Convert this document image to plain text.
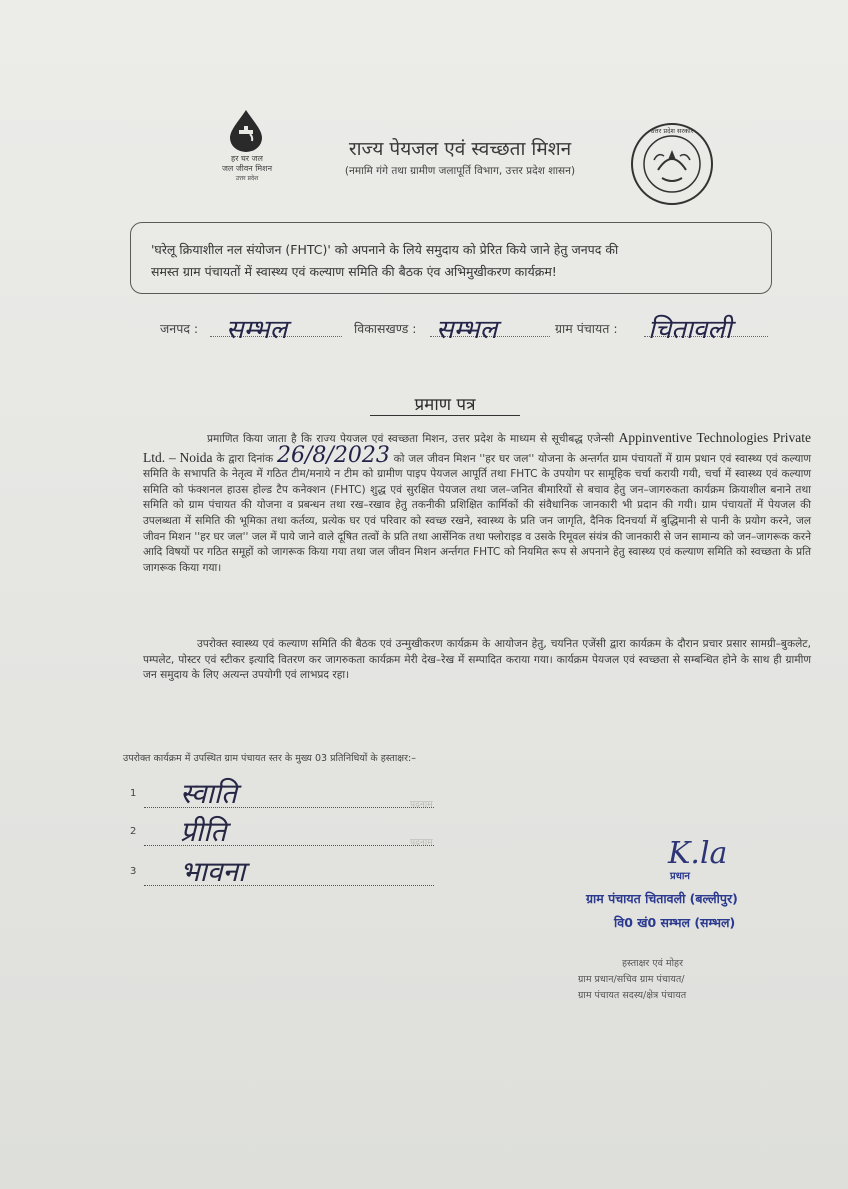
हर घर जल
जल जीवन मिशन
उत्तर प्रदेश
राज्य पेयजल एवं स्वच्छता मिशन
(नमामि गंगे तथा ग्रामीण जलापूर्ति विभाग, उत्तर प्रदेश शासन)
उत्तर प्रदेश सरकार
'घरेलू क्रियाशील नल संयोजन (FHTC)' को अपनाने के लिये समुदाय को प्रेरित किये जाने हेतु जनपद की
समस्त ग्राम पंचायतों में स्वास्थ्य एवं कल्याण समिति की बैठक एंव अभिमुखीकरण कार्यक्रम!
जनपद : सम्भल	विकासखण्ड : सम्भल	ग्राम पंचायत : चितावली
प्रमाण पत्र
प्रमाणित किया जाता है कि राज्य पेयजल एवं स्वच्छता मिशन, उत्तर प्रदेश के माध्यम से सूचीबद्ध एजेन्सी Appinventive Technologies Private Ltd. – Noida के द्वारा दिनांक 26/8/2023 को जल जीवन मिशन ''हर घर जल'' योजना के अन्तर्गत ग्राम पंचायतों में ग्राम प्रधान एवं स्वास्थ्य एवं कल्याण समिति के सभापति के नेतृत्व में गठित टीम/मनाये न टीम को ग्रामीण पाइप पेयजल आपूर्ति तथा FHTC के उपयोग पर सामूहिक चर्चा करायी गयी, चर्चा में स्वास्थ्य एवं कल्याण समिति को फंक्शनल हाउस होल्ड टैप कनेक्शन (FHTC) शुद्ध एवं सुरक्षित पेयजल तथा जल–जनित बीमारियों से बचाव हेतु जन–जागरुकता कार्यक्रम क्रियाशील बनाने तथा समिति को ग्राम पंचायत की योजना व प्रबन्धन तथा रख–रखाव हेतु तकनीकी प्रशिक्षित कार्मिकों की संवैधानिक जानकारी भी प्रदान की गयी। ग्राम पंचायतों में पेयजल की उपलब्धता में समिति की भूमिका तथा कर्तव्य, प्रत्येक घर एवं परिवार को स्वच्छ रखने, स्वास्थ्य के प्रति जन जागृति, दैनिक दिनचर्या में बुद्धिमानी से पानी के प्रयोग करने, जल जीवन मिशन ''हर घर जल'' जल में पाये जाने वाले दूषित तत्वों के प्रति तथा आर्सेनिक तथा फ्लोराइड व उसके रिमूवल संयंत्र की जानकारी से जन सामान्य को जन–जागरूक करने आदि विषयों पर गठित समूहों को जागरूक किया गया तथा जल जीवन मिशन अर्न्तगत FHTC को नियमित रूप से अपनाने हेतु स्वास्थ्य एवं कल्याण समिति को स्वच्छता के प्रति जागरूक किया गया।
उपरोक्त स्वास्थ्य एवं कल्याण समिति की बैठक एवं उन्मुखीकरण कार्यक्रम के आयोजन हेतु, चयनित एजेंसी द्वारा कार्यक्रम के दौरान प्रचार प्रसार सामग्री–बुकलेट, पम्पलेट, पोस्टर एवं स्टीकर इत्यादि वितरण कर जागरुकता कार्यक्रम मेरी देख–रेख में सम्पादित कराया गया। कार्यक्रम पेयजल एवं स्वच्छता से सम्बन्धित होने के साथ ही ग्रामीण जन समुदाय के लिए अत्यन्त उपयोगी एवं लाभप्रद रहा।
उपरोक्त कार्यक्रम में उपस्थित ग्राम पंचायत स्तर के मुख्य 03 प्रतिनिधियों के हस्ताक्षर:–
1 स्वाति	पदनाम
2 प्रीति	पदनाम
3 भावना
K.la
प्रधान
ग्राम पंचायत चितावली (बल्लीपुर)
वि0 खं0 सम्भल (सम्भल)
हस्ताक्षर एवं मोहर
ग्राम प्रधान/सचिव ग्राम पंचायत/
ग्राम पंचायत सदस्य/क्षेत्र पंचायत
